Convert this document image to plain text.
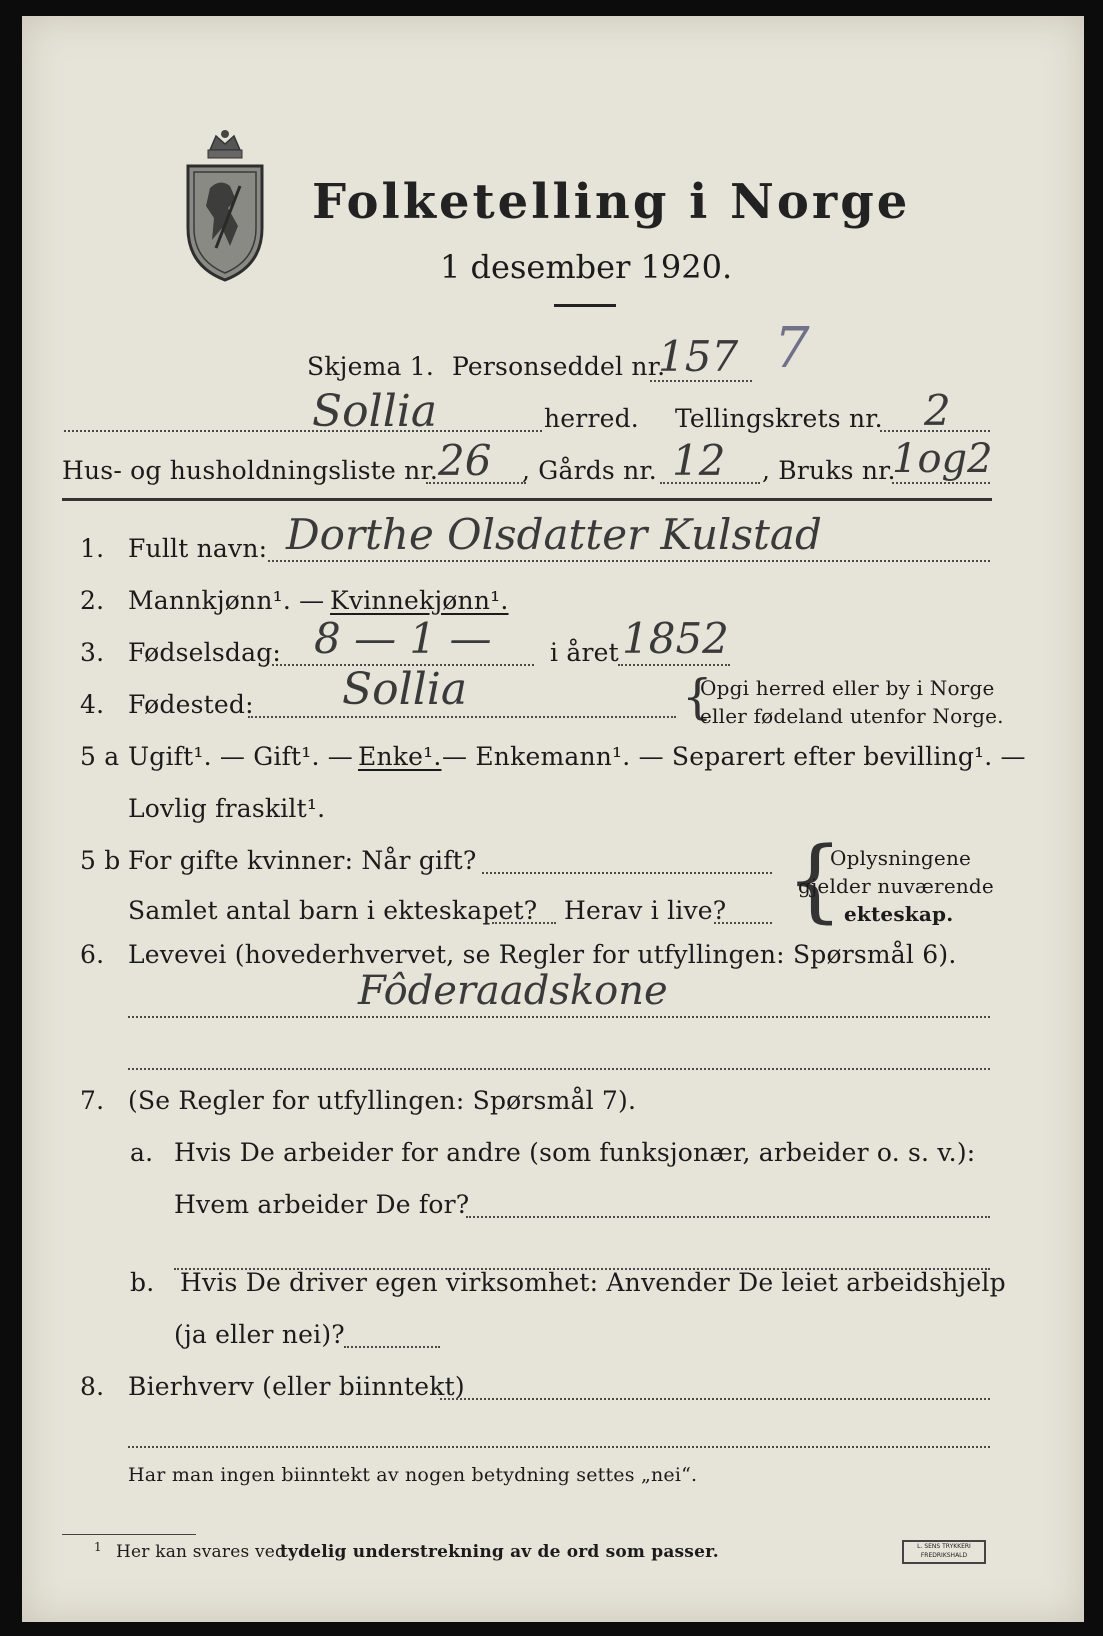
Folketelling i Norge
1 desember 1920.
Skjema 1. Personseddel nr.
157 7
Sollia	herred. Tellingskrets nr. 2
Hus- og husholdningsliste nr. 26 , Gårds nr. 12 , Bruks nr.
1og2
1. Fullt navn: Dorthe Olsdatter Kulstad
2. Mannkjønn¹. — Kvinnekjønn¹.
3. Fødselsdag: 8 — 1 — i året 1852
4. Fødested: Sollia	{
Opgi herred eller by i Norge
eller fødeland utenfor Norge.
5 a Ugift¹. — Gift¹. — Enke¹. — Enkemann¹. — Separert efter bevilling¹. —
Lovlig fraskilt¹.
5 b For gifte kvinner: Når gift?
Samlet antal barn i ekteskapet? Herav i live? {
Oplysningene
gjelder nuværende
ekteskap.
6. Levevei (hovederhvervet, se Regler for utfyllingen: Spørsmål 6).
Fôderaadskone
7. (Se Regler for utfyllingen: Spørsmål 7).
a. Hvis De arbeider for andre (som funksjonær, arbeider o. s. v.):
Hvem arbeider De for?
b. Hvis De driver egen virksomhet: Anvender De leiet arbeidshjelp
(ja eller nei)?
8. Bierhverv (eller biinntekt)
Har man ingen biinntekt av nogen betydning settes „nei“.
1 Her kan svares ved
tydelig understrekning av de ord som passer.	L. SENS TRYKKERI FREDRIKSHALD
